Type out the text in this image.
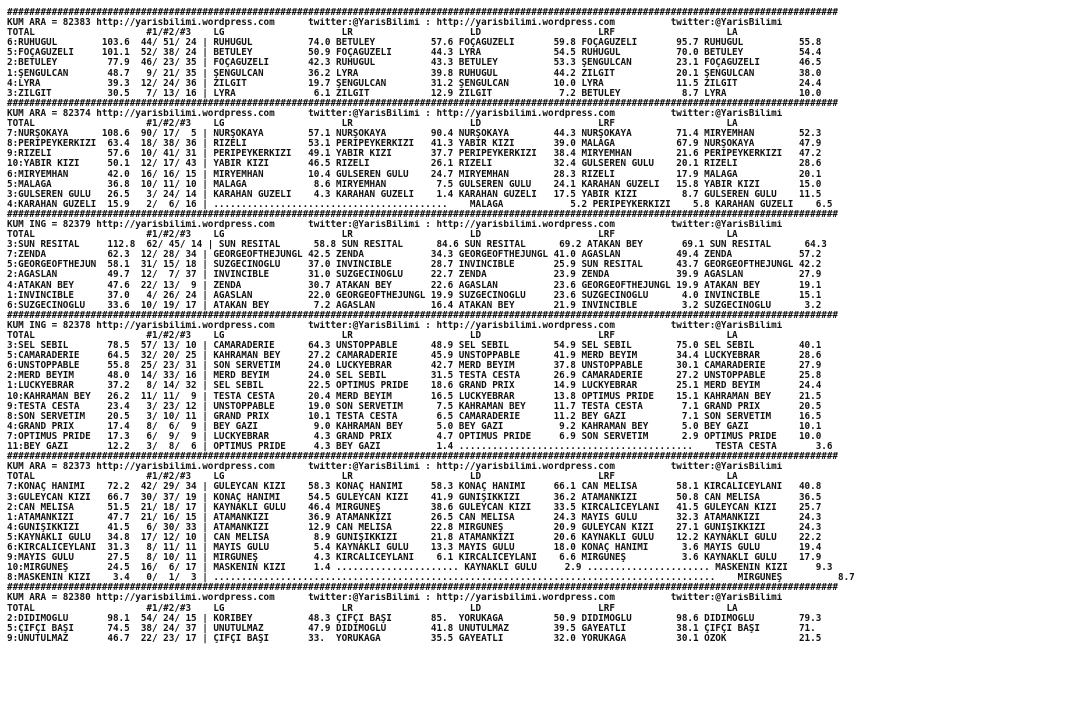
#####################################################################################################################################################
KUM ARA = 82383 http://yarisbilimi.wordpress.com      twitter:@YarisBilimi : http://yarisbilimi.wordpress.com          twitter:@YarisBilimi
TOTAL                    #1/#2/#3    LG                     LR                     LD                     LRF                    LA
6:RUHUGÜL        103.6  44/ 51/ 24 | RUHUGÜL          74.0 BETÜLEY          57.6 FOÇAGÜZELİ       59.8 FOÇAGÜZELİ       95.7 RUHUGÜL          55.8
5:FOÇAGÜZELİ     101.1  52/ 38/ 24 | BETÜLEY          50.9 FOÇAGÜZELİ       44.3 LYRA             54.5 RUHUGÜL          70.0 BETÜLEY          54.4
2:BETÜLEY         77.9  46/ 23/ 35 | FOÇAGÜZELİ       42.3 RUHUGÜL          43.3 BETÜLEY          53.3 ŞENGÜLCAN        23.1 FOÇAGÜZELİ       46.5
1:ŞENGÜLCAN       48.7   9/ 21/ 35 | ŞENGÜLCAN        36.2 LYRA             39.8 RUHUGÜL          44.2 ZİLGİT           20.1 ŞENGÜLCAN        38.0
4:LYRA            39.3  12/ 24/ 36 | ZİLGİT           19.7 ŞENGÜLCAN        31.2 ŞENGÜLCAN        10.0 LYRA             11.5 ZİLGİT           24.4
3:ZİLGİT          30.5   7/ 13/ 16 | LYRA              6.1 ZİLGİT           12.9 ZİLGİT            7.2 BETÜLEY           8.7 LYRA             10.0
#####################################################################################################################################################
KUM ARA = 82374 http://yarisbilimi.wordpress.com      twitter:@YarisBilimi : http://yarisbilimi.wordpress.com          twitter:@YarisBilimi
TOTAL                    #1/#2/#3    LG                     LR                     LD                     LRF                    LA
7:NURŞOKAYA      108.6  90/ 17/  5 | NURŞOKAYA        57.1 NURŞOKAYA        90.4 NURŞOKAYA        44.3 NURŞOKAYA        71.4 MİRYEMHAN        52.3
8:PERİPEYKERKİZİ  63.4  18/ 38/ 36 | RİZELİ           53.1 PERİPEYKERKİZİ   41.3 YABIR KIZI       39.0 MALAGA           67.9 NURŞOKAYA        47.9
9:RİZELİ          57.6  10/ 41/ 31 | PERİPEYKERKİZİ   49.1 YABIR KIZI       37.7 PERİPEYKERKİZİ   38.4 MİRYEMHAN        21.6 PERİPEYKERKİZİ   47.2
10:YABIR KIZI     50.1  12/ 17/ 43 | YABIR KIZI       46.5 RİZELİ           26.1 RİZELİ           32.4 GÜLSEREN GÜLÜ    20.1 RİZELİ           28.6
6:MİRYEMHAN       42.0  16/ 16/ 15 | MİRYEMHAN        10.4 GÜLSEREN GÜLÜ    24.7 MİRYEMHAN        28.3 RİZELİ           17.9 MALAGA           20.1
5:MALAGA          36.8  10/ 11/ 10 | MALAGA            8.6 MİRYEMHAN         7.5 GÜLSEREN GÜLÜ    24.1 KARAHAN GÜZELİ   15.8 YABIR KIZI       15.0
3:GÜLSEREN GÜLÜ   26.5   3/ 24/ 14 | KARAHAN GÜZELİ    4.3 KARAHAN GÜZELİ    1.4 KARAHAN GÜZELİ   17.5 YABIR KIZI        8.7 GÜLSEREN GÜLÜ    11.5
4:KARAHAN GÜZELİ  15.9   2/  6/ 16 | ..........................................    MALAGA            5.2 PERİPEYKERKİZİ    5.8 KARAHAN GÜZELİ    6.5
#####################################################################################################################################################
KUM ING = 82379 http://yarisbilimi.wordpress.com      twitter:@YarisBilimi : http://yarisbilimi.wordpress.com          twitter:@YarisBilimi
TOTAL                    #1/#2/#3    LG                     LR                     LD                     LRF                    LA
3:SUN RESITAL     112.8  62/ 45/ 14 | SUN RESITAL      58.8 SUN RESITAL      84.6 SUN RESITAL      69.2 ATAKAN BEY       69.1 SUN RESITAL      64.3
7:ZENDA           62.3  12/ 28/ 34 | GEORGEOFTHEJUNGL 42.5 ZENDA            34.3 GEORGEOFTHEJUNGL 41.0 AĞASLAN          49.4 ZENDA            57.2
5:GEORGEOFTHEJUN  58.1  31/ 15/ 18 | SÜZGECİNOĞLU     37.0 INVINCIBLE       28.7 INVINCIBLE       25.9 SUN RESITAL      43.7 GEORGEOFTHEJUNGL 42.2
2:AĞASLAN         49.7  12/  7/ 37 | INVINCIBLE       31.0 SÜZGECİNOĞLU     22.7 ZENDA            23.9 ZENDA            39.9 AĞASLAN          27.9
4:ATAKAN BEY      47.6  22/ 13/  9 | ZENDA            30.7 ATAKAN BEY       22.6 AĞASLAN          23.6 GEORGEOFTHEJUNGL 19.9 ATAKAN BEY       19.1
1:INVINCIBLE      37.0   4/ 26/ 24 | AĞASLAN          22.0 GEORGEOFTHEJUNGL 19.9 SÜZGECİNOĞLU     23.6 SÜZGECİNOĞLU      4.0 INVINCIBLE       15.1
6:SÜZGECİNOĞLU    33.6  10/ 19/ 17 | ATAKAN BEY        7.2 AĞASLAN          16.4 ATAKAN BEY       21.9 INVINCIBLE        3.2 SÜZGECİNOĞLU      3.2
#####################################################################################################################################################
KUM ING = 82378 http://yarisbilimi.wordpress.com      twitter:@YarisBilimi : http://yarisbilimi.wordpress.com          twitter:@YarisBilimi
TOTAL                    #1/#2/#3    LG                     LR                     LD                     LRF                    LA
3:SEL SEBİL       78.5  57/ 13/ 10 | CAMARADERIE      64.3 UNSTOPPABLE      48.9 SEL SEBİL        54.9 SEL SEBİL        75.0 SEL SEBİL        40.1
5:CAMARADERIE     64.5  32/ 20/ 25 | KAHRAMAN BEY     27.2 CAMARADERIE      45.9 UNSTOPPABLE      41.9 MERD BEYİM       34.4 LUCKYEBRAR       28.6
6:UNSTOPPABLE     55.8  25/ 23/ 31 | SON SERVETİM     24.0 LUCKYEBRAR       42.7 MERD BEYİM       37.8 UNSTOPPABLE      30.1 CAMARADERIE      27.9
2:MERD BEYİM      48.0  14/ 33/ 16 | MERD BEYİM       24.0 SEL SEBİL        31.5 TESTA CESTA      26.9 CAMARADERIE      27.2 UNSTOPPABLE      25.8
1:LUCKYEBRAR      37.2   8/ 14/ 32 | SEL SEBİL        22.5 OPTIMUS PRIDE    18.6 GRAND PRIX       14.9 LUCKYEBRAR       25.1 MERD BEYİM       24.4
10:KAHRAMAN BEY   26.2  11/ 11/  9 | TESTA CESTA      20.4 MERD BEYİM       16.5 LUCKYEBRAR       13.8 OPTIMUS PRIDE    15.1 KAHRAMAN BEY     21.5
9:TESTA CESTA     23.4   3/ 23/ 12 | UNSTOPPABLE      19.0 SON SERVETİM      7.5 KAHRAMAN BEY     11.7 TESTA CESTA       7.1 GRAND PRIX       20.5
8:SON SERVETİM    20.5   3/ 10/ 11 | GRAND PRIX       10.1 TESTA CESTA       6.5 CAMARADERIE      11.2 BEY GAZİ          7.1 SON SERVETİM     16.5
4:GRAND PRIX      17.4   8/  6/  9 | BEY GAZİ          9.0 KAHRAMAN BEY      5.0 BEY GAZİ          9.2 KAHRAMAN BEY      5.0 BEY GAZİ         10.1
7:OPTIMUS PRIDE   17.3   6/  9/  9 | LUCKYEBRAR        4.3 GRAND PRIX        4.7 OPTIMUS PRIDE     6.9 SON SERVETİM      2.9 OPTIMUS PRIDE    10.0
11:BEY GAZİ       12.2   3/  8/  6 | OPTIMUS PRIDE     4.3 BEY GAZİ          1.4 ..........................................    TESTA CESTA       3.6
#####################################################################################################################################################
KUM ARA = 82373 http://yarisbilimi.wordpress.com      twitter:@YarisBilimi : http://yarisbilimi.wordpress.com          twitter:@YarisBilimi
TOTAL                    #1/#2/#3    LG                     LR                     LD                     LRF                    LA
7:KONAÇ HANIMI    72.2  42/ 29/ 34 | GÜLEYCAN KIZI    58.3 KONAÇ HANIMI     58.3 KONAÇ HANIMI     66.1 CAN MELİSA       58.1 KIRCALICEYLANI   40.8
3:GÜLEYCAN KIZI   66.7  30/ 37/ 19 | KONAÇ HANIMI     54.5 GÜLEYCAN KIZI    41.9 GÜNIŞIKKIZI      36.2 ATAMANKIZI       50.8 CAN MELİSA       36.5
2:CAN MELİSA      51.5  21/ 18/ 17 | KAYNAKLI GÜLÜ    46.4 MİRGÜNEŞ         38.6 GÜLEYCAN KIZI    33.5 KIRCALICEYLANI   41.5 GÜLEYCAN KIZI    25.7
1:ATAMANKIZI      47.7  21/ 16/ 15 | ATAMANKIZI       36.9 ATAMANKIZI       26.5 CAN MELİSA       24.3 MAYIS GÜLÜ       32.3 ATAMANKIZI       24.3
4:GÜNIŞIKKIZI     41.5   6/ 30/ 33 | ATAMANKIZI       12.9 CAN MELİSA       22.8 MİRGÜNEŞ         20.9 GÜLEYCAN KIZI    27.1 GÜNIŞIKKIZI      24.3
5:KAYNAKLI GÜLÜ   34.8  17/ 12/ 10 | CAN MELİSA        8.9 GÜNIŞIKKIZI      21.8 ATAMANKIZI       20.6 KAYNAKLI GÜLÜ    12.2 KAYNAKLI GÜLÜ    22.2
6:KIRCALICEYLANI  31.3   8/ 11/ 11 | MAYIS GÜLÜ        5.4 KAYNAKLI GÜLÜ    13.3 MAYIS GÜLÜ       18.0 KONAÇ HANIMI      3.6 MAYIS GÜLÜ       19.4
9:MAYIS GÜLÜ      27.5   8/ 10/ 11 | MİRGÜNEŞ          4.3 KIRCALICEYLANI    6.1 KIRCALICEYLANI    6.6 MİRGÜNEŞ          3.6 KAYNAKLI GÜLÜ    17.9
10:MİRGÜNEŞ       24.5  16/  6/ 17 | MASKENİN KIZI     1.4 ...................... KAYNAKLI GÜLÜ     2.9 ...................... MASKENİN KIZI     9.3
8:MASKENİN KIZI    3.4   0/  1/  3 | ..........................................................................................    MİRGÜNEŞ          8.7
#####################################################################################################################################################
KUM ARA = 82380 http://yarisbilimi.wordpress.com      twitter:@YarisBilimi : http://yarisbilimi.wordpress.com          twitter:@YarisBilimi
TOTAL                    #1/#2/#3    LG                     LR                     LD                     LRF                    LA
2:DİDİMOĞLU       98.1  54/ 24/ 15 | KORİBEY          48.3 ÇİFÇİ BAŞI       85.  YÖRÜKAĞA         50.9 DİDİMOĞLU        98.6 DİDİMOĞLU        79.3
5:ÇİFÇİ BAŞI      74.5  38/ 24/ 37 | UNUTULMAZ        47.9 DİDİMOĞLU        41.8 UNUTULMAZ        39.5 GAYEATLI         38.1 ÇİFÇİ BAŞI       71.
9:UNUTULMAZ       46.7  22/ 23/ 17 | ÇİFÇİ BAŞI       33.  YÖRÜKAĞA         35.5 GAYEATLI         32.0 YÖRÜKAĞA         30.1 ÖZOK             21.5
